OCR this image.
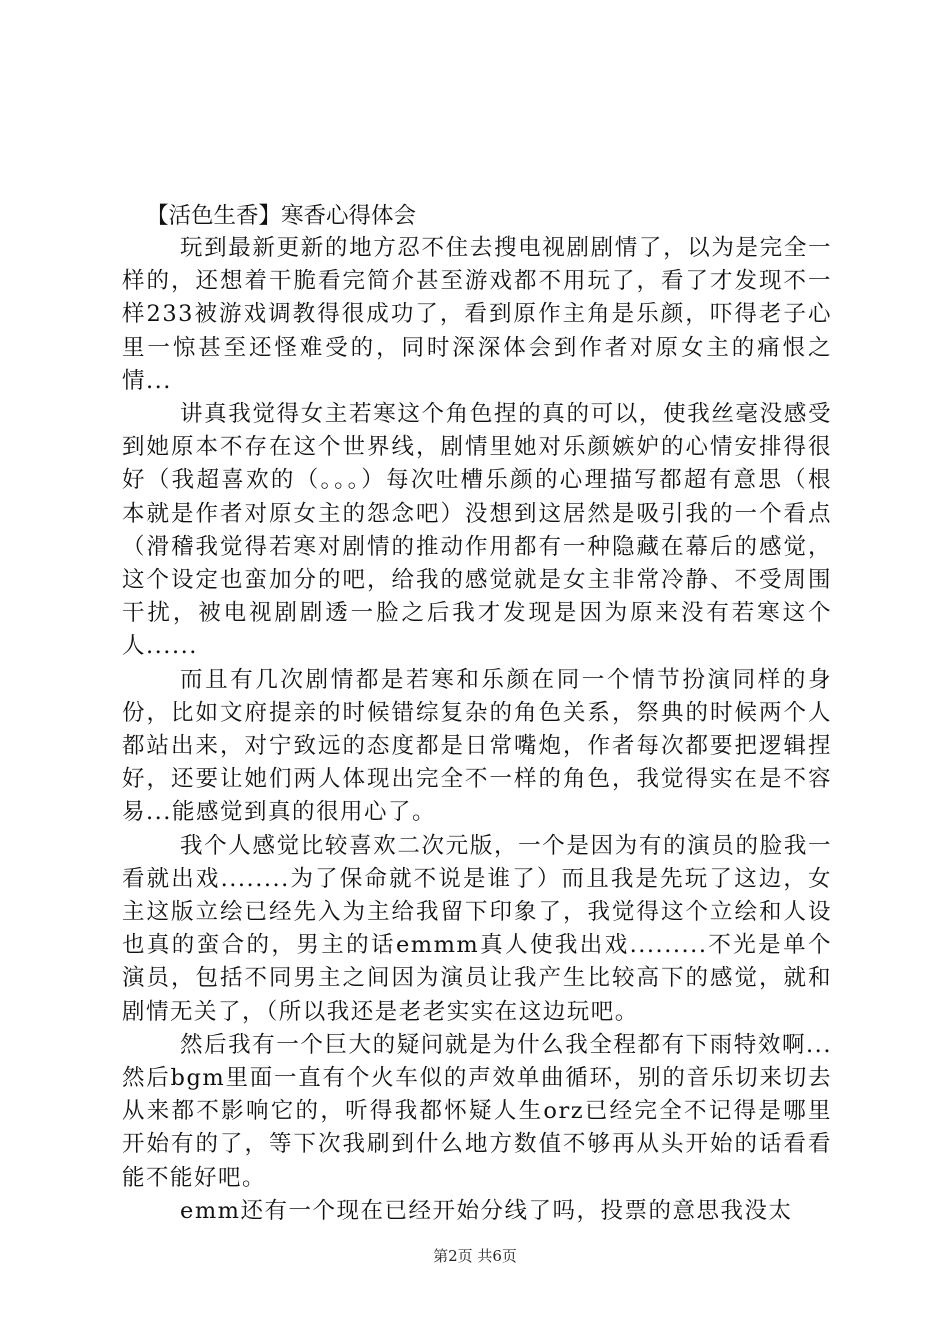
【活色生香】寒香心得体会

玩到最新更新的地方忍不住去搜电视剧剧情了，以为是完全一样的，还想着干脆看完简介甚至游戏都不用玩了，看了才发现不一样233被游戏调教得很成功了，看到原作主角是乐颜，吓得老子心里一惊甚至还怪难受的，同时深深体会到作者对原女主的痛恨之情...

讲真我觉得女主若寒这个角色捏的真的可以，使我丝毫没感受到她原本不存在这个世界线，剧情里她对乐颜嫉妒的心情安排得很好（我超喜欢的（。。。）每次吐槽乐颜的心理描写都超有意思（根本就是作者对原女主的怨念吧）没想到这居然是吸引我的一个看点（滑稽我觉得若寒对剧情的推动作用都有一种隐藏在幕后的感觉，这个设定也蛮加分的吧，给我的感觉就是女主非常冷静、不受周围干扰，被电视剧剧透一脸之后我才发现是因为原来没有若寒这个人......

而且有几次剧情都是若寒和乐颜在同一个情节扮演同样的身份，比如文府提亲的时候错综复杂的角色关系，祭典的时候两个人都站出来，对宁致远的态度都是日常嘴炮，作者每次都要把逻辑捏好，还要让她们两人体现出完全不一样的角色，我觉得实在是不容易...能感觉到真的很用心了。

我个人感觉比较喜欢二次元版，一个是因为有的演员的脸我一看就出戏........为了保命就不说是谁了）而且我是先玩了这边，女主这版立绘已经先入为主给我留下印象了，我觉得这个立绘和人设也真的蛮合的，男主的话emmm真人使我出戏.........不光是单个演员，包括不同男主之间因为演员让我产生比较高下的感觉，就和剧情无关了，（所以我还是老老实实在这边玩吧。

然后我有一个巨大的疑问就是为什么我全程都有下雨特效啊...然后bgm里面一直有个火车似的声效单曲循环，别的音乐切来切去从来都不影响它的，听得我都怀疑人生orz已经完全不记得是哪里开始有的了，等下次我刷到什么地方数值不够再从头开始的话看看能不能好吧。

emm还有一个现在已经开始分线了吗，投票的意思我没太

第2页 共6页
